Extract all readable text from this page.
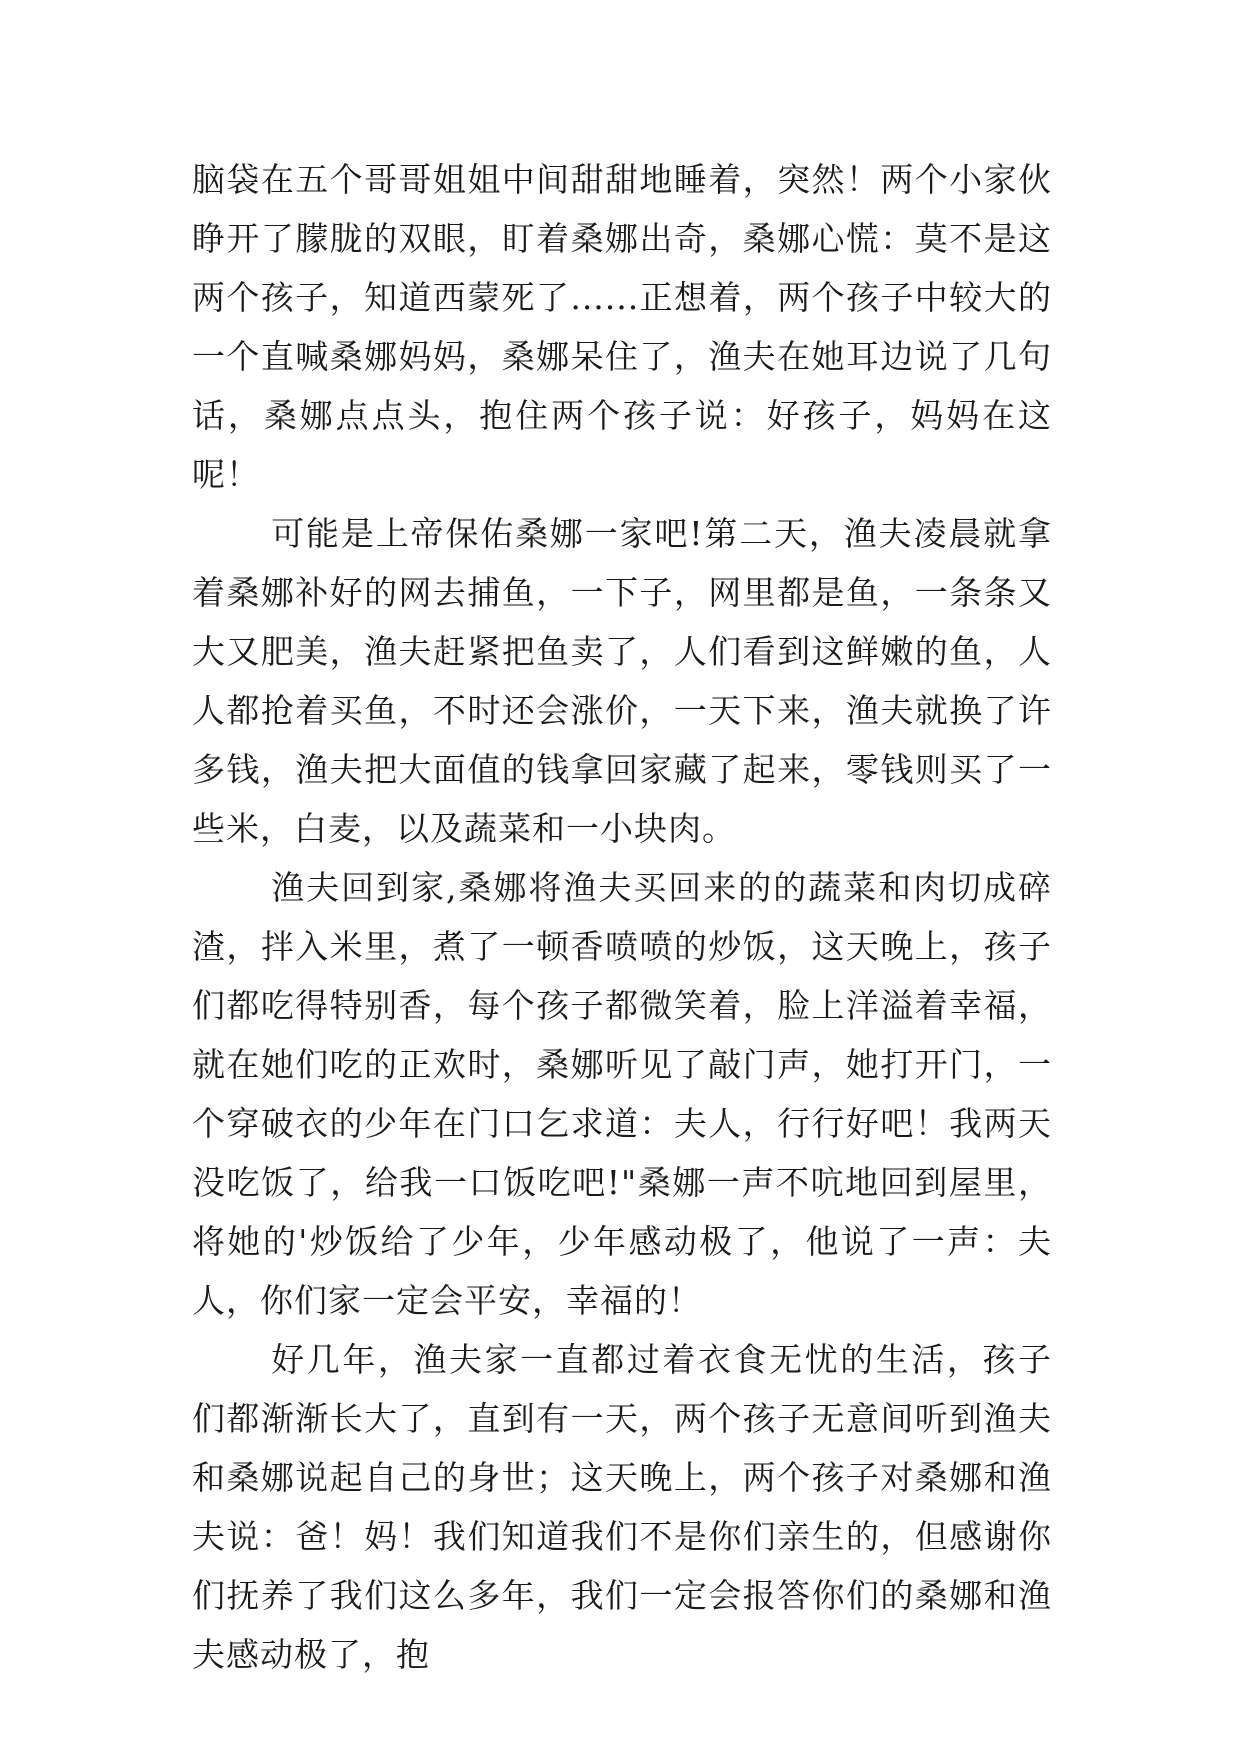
脑袋在五个哥哥姐姐中间甜甜地睡着，突然！两个小家伙睁开了朦胧的双眼，盯着桑娜出奇，桑娜心慌：莫不是这两个孩子，知道西蒙死了......正想着，两个孩子中较大的一个直喊桑娜妈妈，桑娜呆住了，渔夫在她耳边说了几句话，桑娜点点头，抱住两个孩子说：好孩子，妈妈在这呢！

可能是上帝保佑桑娜一家吧!第二天，渔夫凌晨就拿着桑娜补好的网去捕鱼，一下子，网里都是鱼，一条条又大又肥美，渔夫赶紧把鱼卖了，人们看到这鲜嫩的鱼，人人都抢着买鱼，不时还会涨价，一天下来，渔夫就换了许多钱，渔夫把大面值的钱拿回家藏了起来，零钱则买了一些米，白麦，以及蔬菜和一小块肉。

渔夫回到家,桑娜将渔夫买回来的的蔬菜和肉切成碎渣，拌入米里，煮了一顿香喷喷的炒饭，这天晚上，孩子们都吃得特别香，每个孩子都微笑着，脸上洋溢着幸福，就在她们吃的正欢时，桑娜听见了敲门声，她打开门，一个穿破衣的少年在门口乞求道：夫人，行行好吧！我两天没吃饭了，给我一口饭吃吧!"桑娜一声不吭地回到屋里，将她的'炒饭给了少年，少年感动极了，他说了一声：夫人，你们家一定会平安，幸福的！

好几年，渔夫家一直都过着衣食无忧的生活，孩子们都渐渐长大了，直到有一天，两个孩子无意间听到渔夫和桑娜说起自己的身世；这天晚上，两个孩子对桑娜和渔夫说：爸！妈！我们知道我们不是你们亲生的，但感谢你们抚养了我们这么多年，我们一定会报答你们的桑娜和渔夫感动极了，抱
